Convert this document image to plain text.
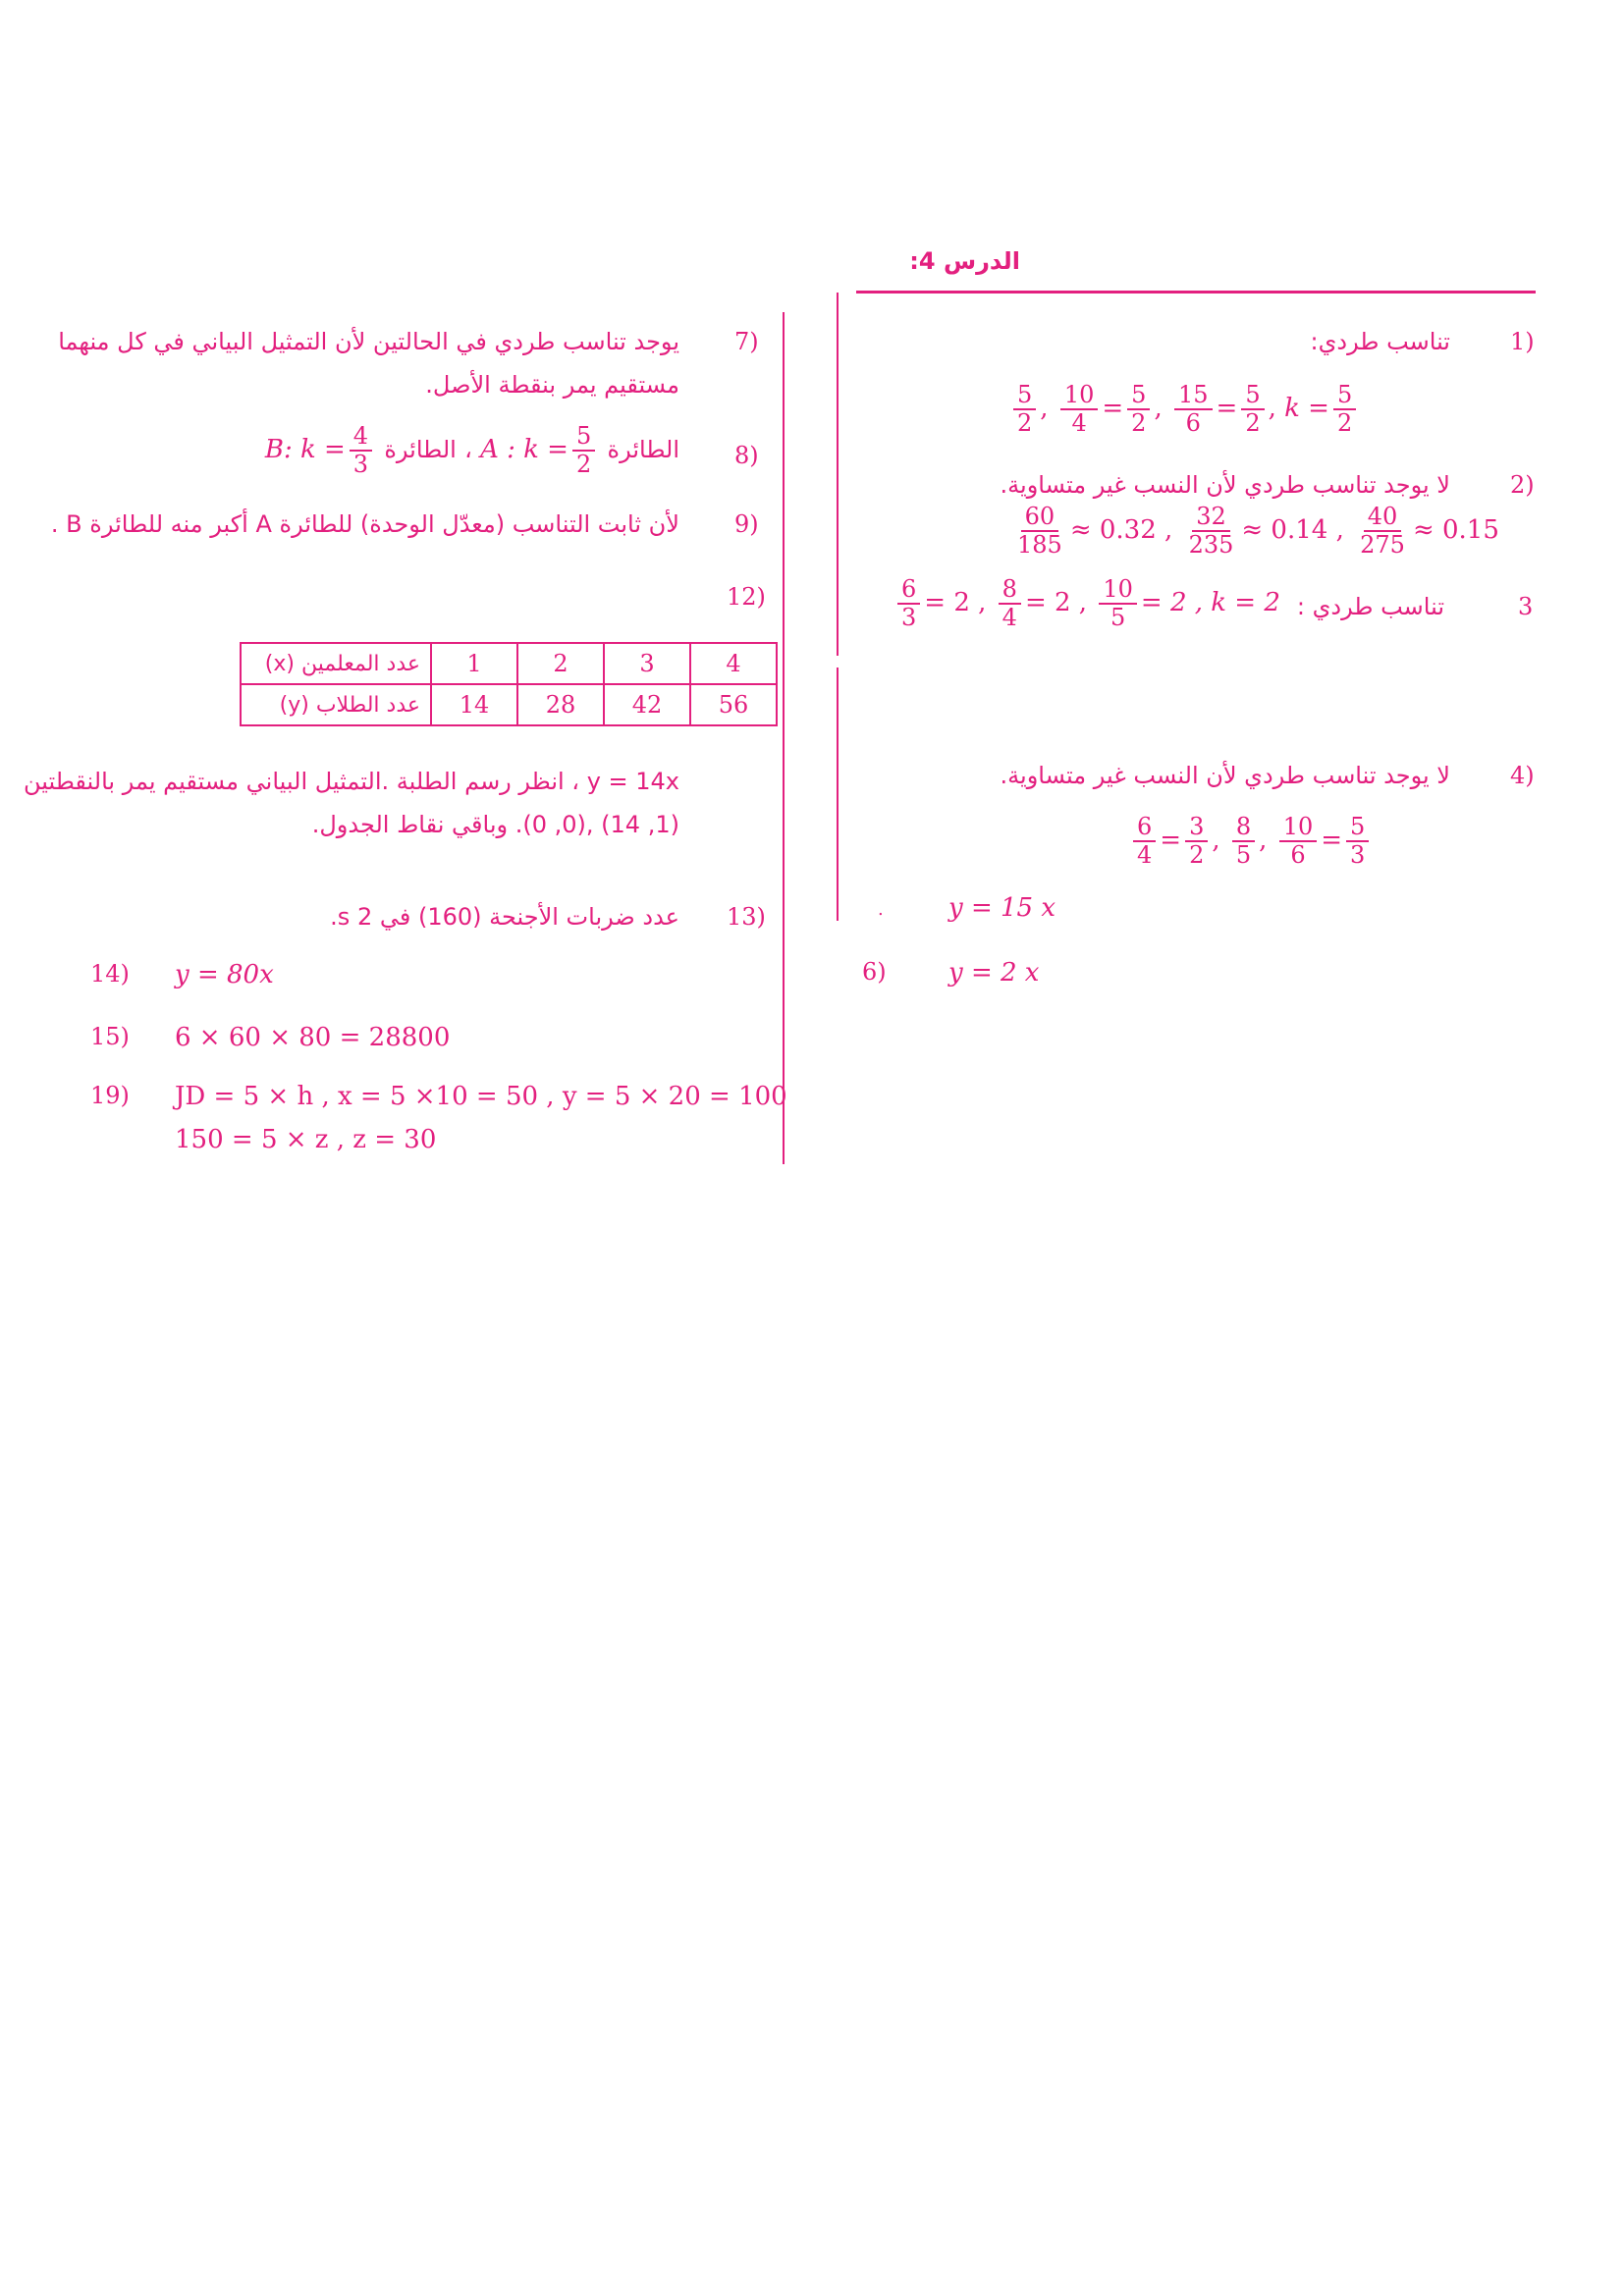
الدرس 4:
1)
تناسب طردي:
$\frac{5}{2}$ , $\frac{10}{4} = \frac{5}{2}$ , $\frac{15}{6} = \frac{5}{2}$ , $k = \frac{5}{2}$
2)
لا يوجد تناسب طردي لأن النسب غير متساوية.
$\frac{60}{185} \approx 0.32$ , $\frac{32}{235} \approx 0.14$ , $\frac{40}{275} \approx 0.15$
3
تناسب طردي :
$\frac{6}{3} = 2$ , $\frac{8}{4} = 2$ , $\frac{10}{5} = 2$ , k = 2
4)
لا يوجد تناسب طردي لأن النسب غير متساوية.
$\frac{6}{4} = \frac{3}{2}$ , $\frac{8}{5}$ , $\frac{10}{6} = \frac{5}{3}$
.	y = 15 x
6) y = 2 x
7)
يوجد تناسب طردي في الحالتين لأن التمثيل البياني في كل منهما
مستقيم يمر بنقطة الأصل.
8)
الطائرة A : $k = \frac{5}{2}$
، الطائرة B: $k = \frac{4}{3}$
9)
لأن ثابت التناسب (معدّل الوحدة) للطائرة A أكبر منه للطائرة B .
12)
عدد المعلمين (x)	1	2	3	4
عدد الطلاب (y)	14	28	42	56
y = 14x ، انظر رسم الطلبة .التمثيل البياني مستقيم يمر بالنقطتين
(1, 14) ,(0, 0). وباقي نقاط الجدول.
13)
عدد ضربات الأجنحة (160) في 2 s.
14) y = 80x
15) 6 × 60 × 80 = 28800
19) JD = 5 × h , x = 5 ×10 = 50 , y = 5 × 20 = 100
150 = 5 × z , z = 30
